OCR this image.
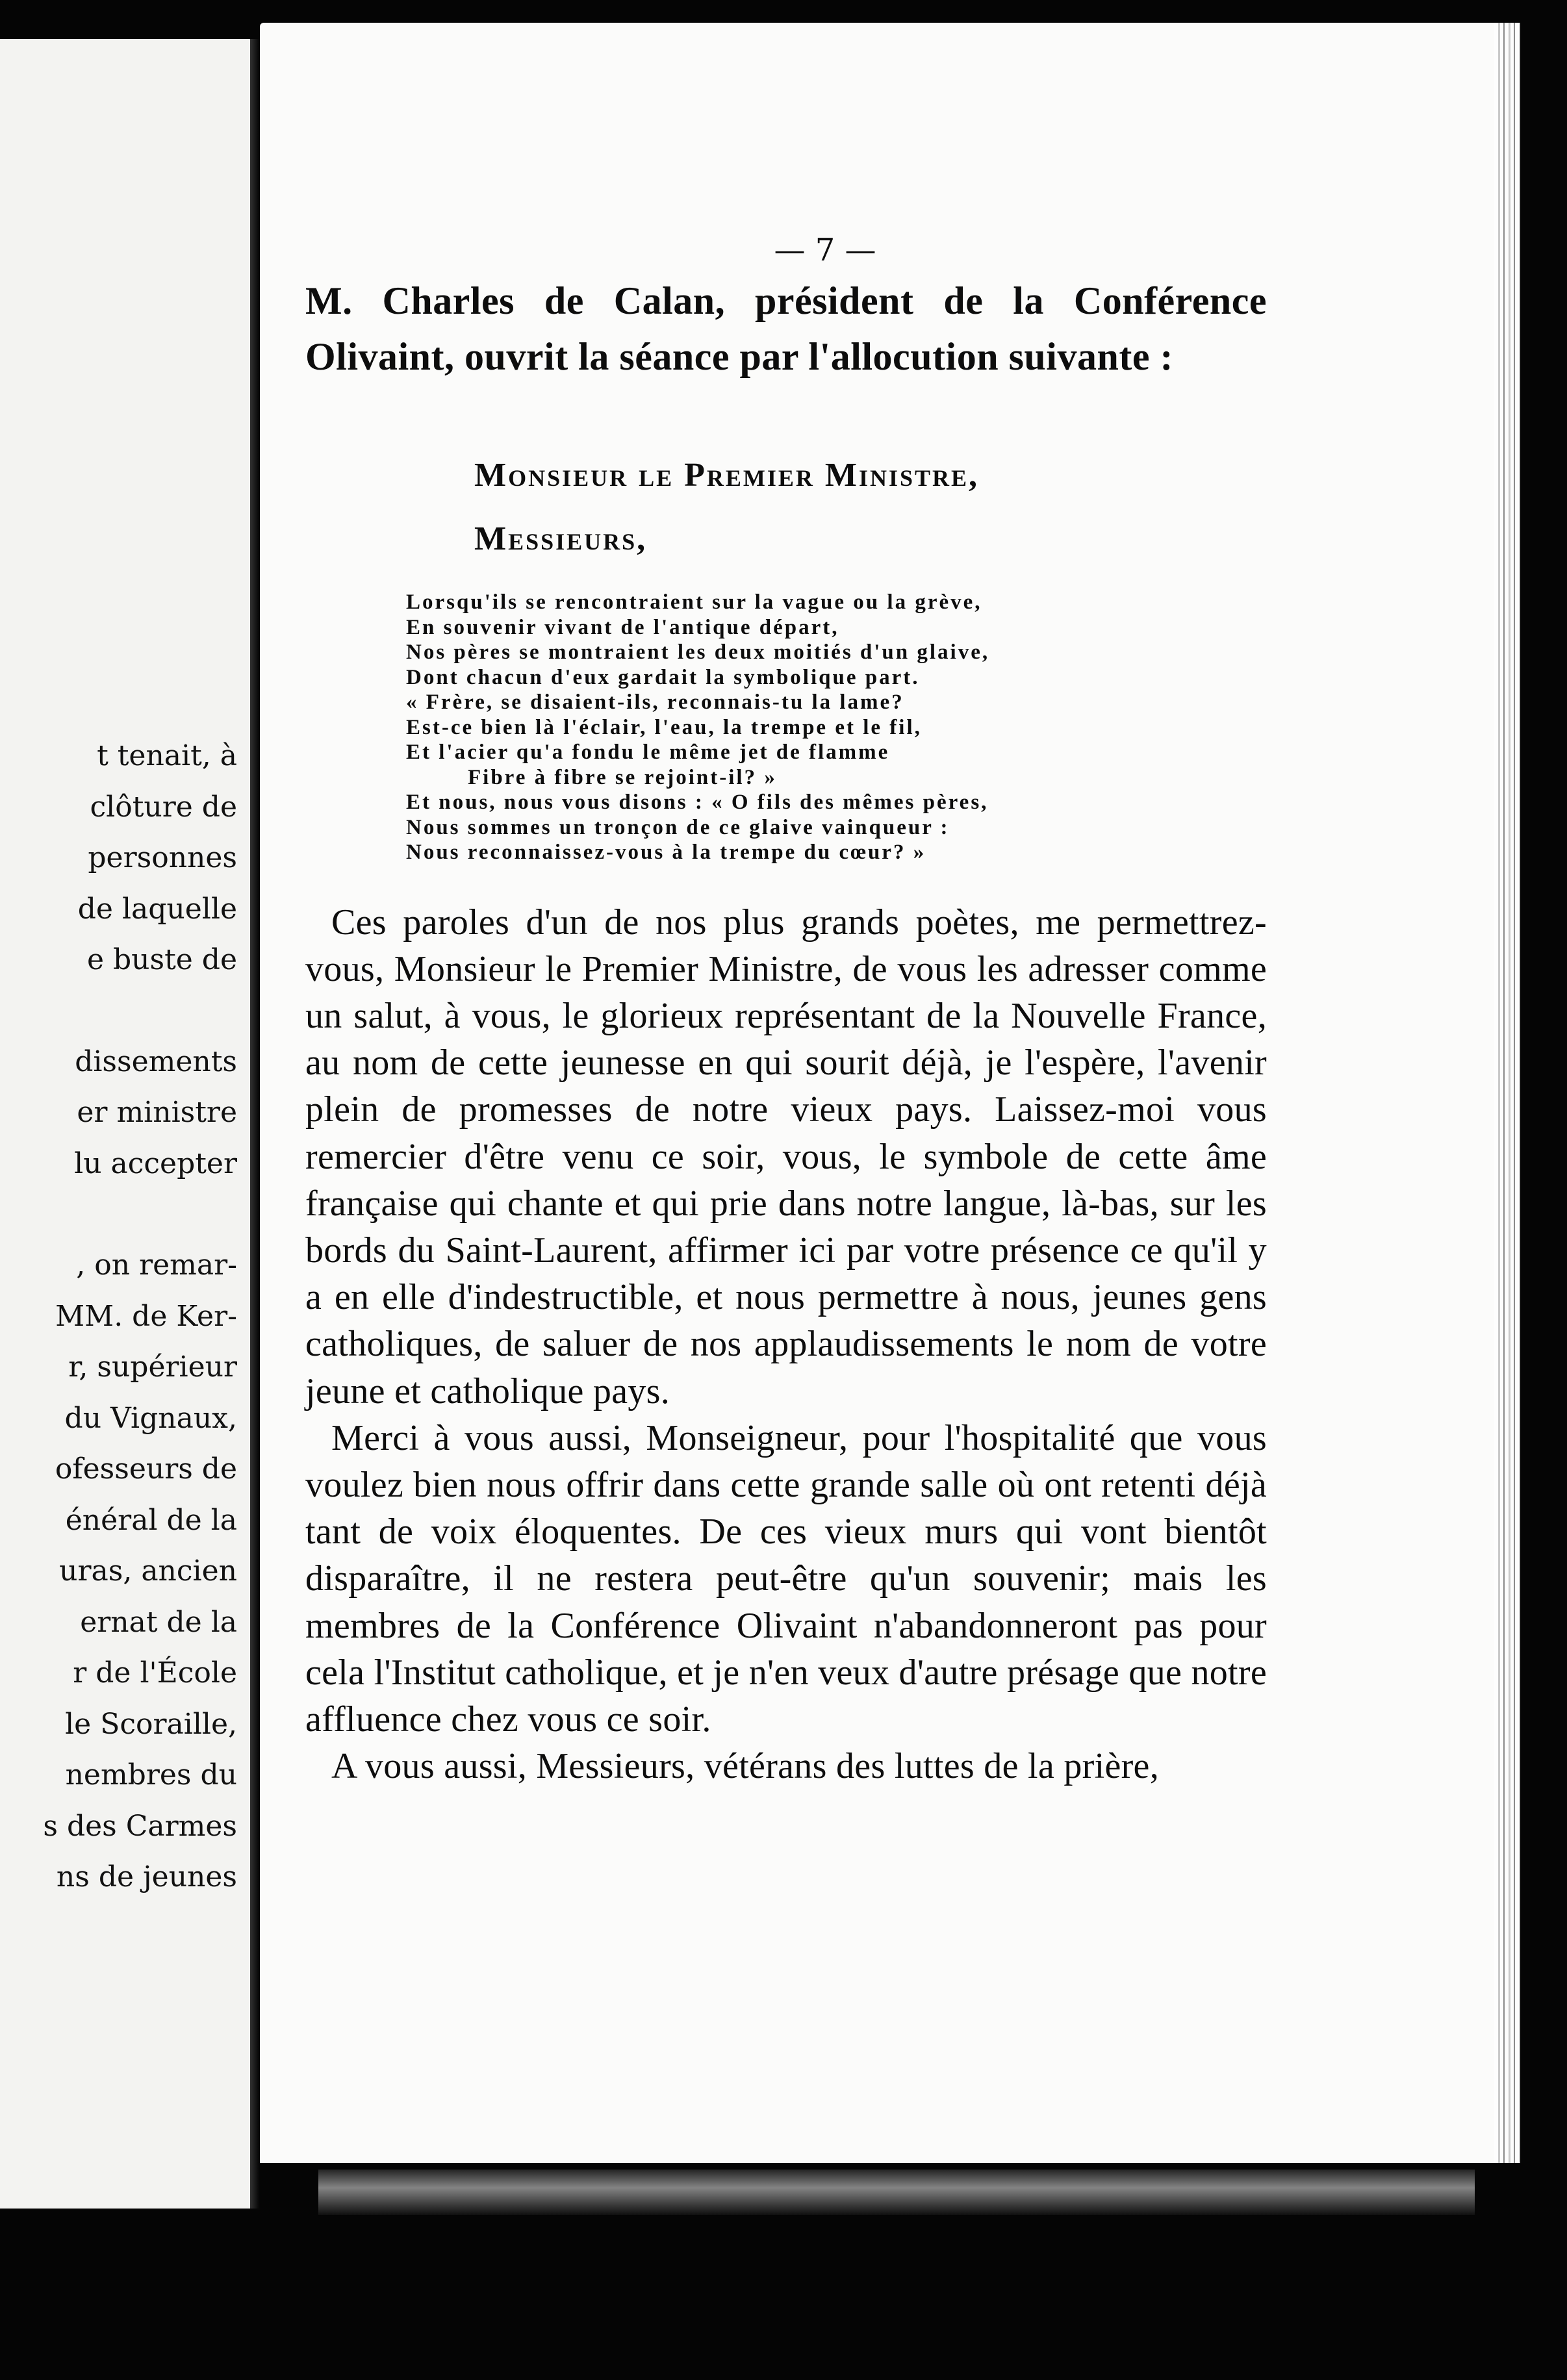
t tenait, à
clôture de
personnes
de laquelle
e buste de
dissements
er ministre
lu accepter
, on remar-
MM. de Ker-
r, supérieur
du Vignaux,
ofesseurs de
énéral de la
uras, ancien
ernat de la
r de l'École
le Scoraille,
nembres du
s des Carmes
ns de jeunes
— 7 —

M. Charles de Calan, président de la Conférence Olivaint, ouvrit la séance par l'allocution suivante :

Monsieur le Premier Ministre,

Messieurs,

Lorsqu'ils se rencontraient sur la vague ou la grève,
En souvenir vivant de l'antique départ,
Nos pères se montraient les deux moitiés d'un glaive,
Dont chacun d'eux gardait la symbolique part.
« Frère, se disaient-ils, reconnais-tu la lame?
Est-ce bien là l'éclair, l'eau, la trempe et le fil,
Et l'acier qu'a fondu le même jet de flamme
Fibre à fibre se rejoint-il? »
Et nous, nous vous disons : « O fils des mêmes pères,
Nous sommes un tronçon de ce glaive vainqueur :
Nous reconnaissez-vous à la trempe du cœur? »

Ces paroles d'un de nos plus grands poètes, me permettrez-vous, Monsieur le Premier Ministre, de vous les adresser comme un salut, à vous, le glorieux représentant de la Nouvelle France, au nom de cette jeunesse en qui sourit déjà, je l'espère, l'avenir plein de promesses de notre vieux pays. Laissez-moi vous remercier d'être venu ce soir, vous, le symbole de cette âme française qui chante et qui prie dans notre langue, là-bas, sur les bords du Saint-Laurent, affirmer ici par votre présence ce qu'il y a en elle d'indestructible, et nous permettre à nous, jeunes gens catholiques, de saluer de nos applaudissements le nom de votre jeune et catholique pays.

Merci à vous aussi, Monseigneur, pour l'hospitalité que vous voulez bien nous offrir dans cette grande salle où ont retenti déjà tant de voix éloquentes. De ces vieux murs qui vont bientôt disparaître, il ne restera peut-être qu'un souvenir; mais les membres de la Conférence Olivaint n'abandonneront pas pour cela l'Institut catholique, et je n'en veux d'autre présage que notre affluence chez vous ce soir.

A vous aussi, Messieurs, vétérans des luttes de la prière,
